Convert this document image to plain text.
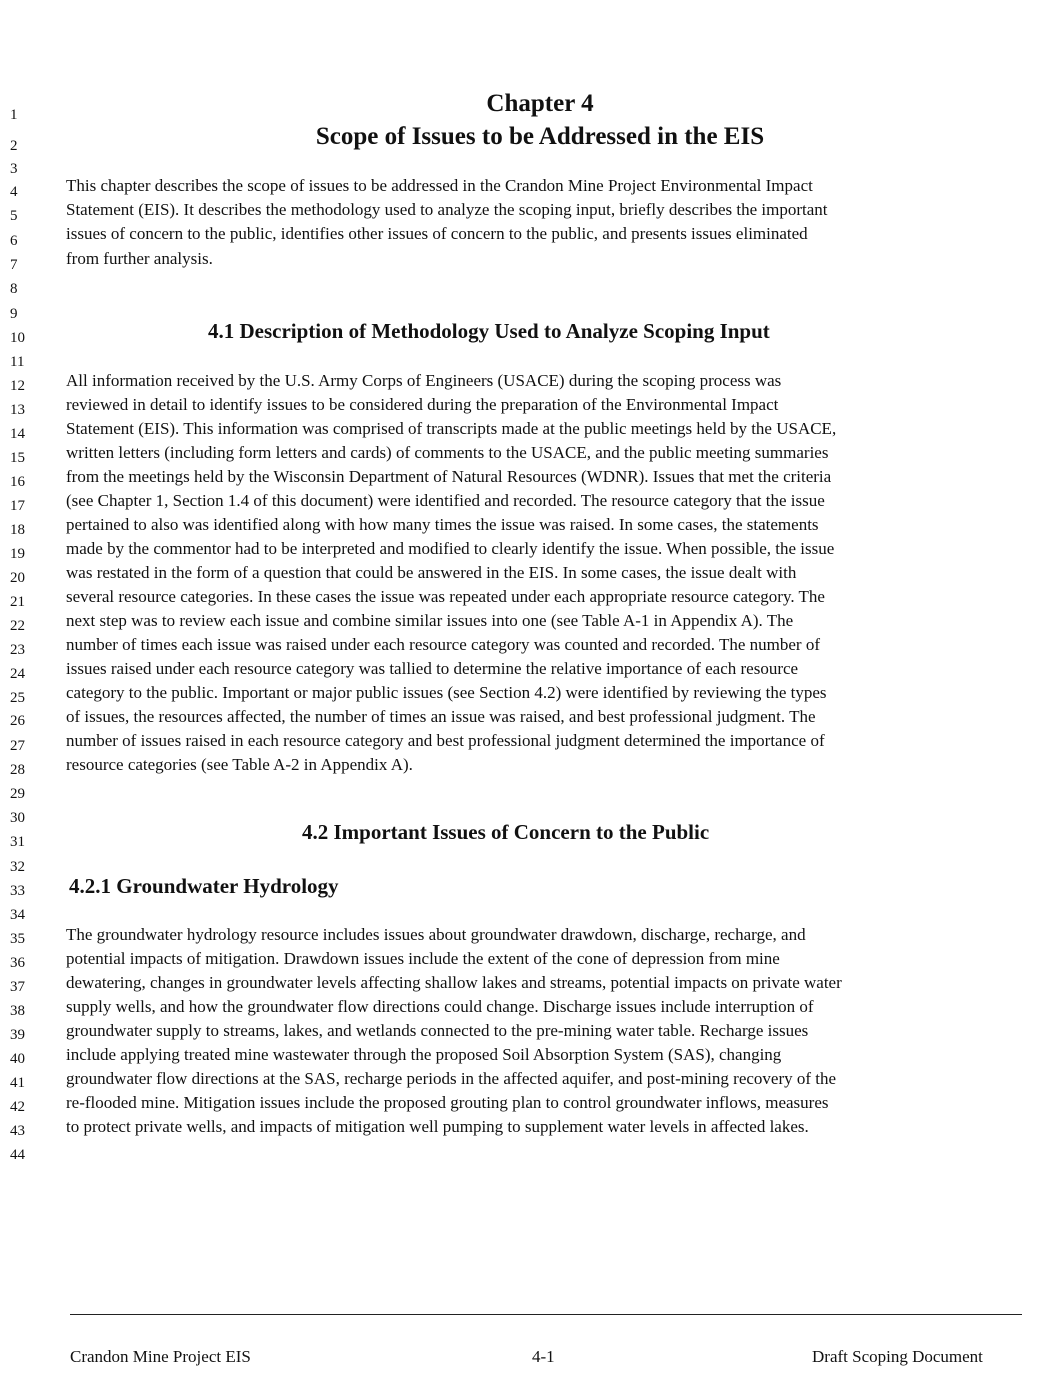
1
2
3
4
5
6
7
8
9
10
11
12
13
14
15
16
17
18
19
20
21
22
23
24
25
26
27
28
29
30
31
32
33
34
35
36
37
38
39
40
41
42
43
44
Chapter 4
Scope of Issues to be Addressed in the EIS
This chapter describes the scope of issues to be addressed in the Crandon Mine Project Environmental Impact
Statement (EIS). It describes the methodology used to analyze the scoping input, briefly describes the important
issues of concern to the public, identifies other issues of concern to the public, and presents issues eliminated
from further analysis.
4.1 Description of Methodology Used to Analyze Scoping Input
All information received by the U.S. Army Corps of Engineers (USACE) during the scoping process was
reviewed in detail to identify issues to be considered during the preparation of the Environmental Impact
Statement (EIS). This information was comprised of transcripts made at the public meetings held by the USACE,
written letters (including form letters and cards) of comments to the USACE, and the public meeting summaries
from the meetings held by the Wisconsin Department of Natural Resources (WDNR). Issues that met the criteria
(see Chapter 1, Section 1.4 of this document) were identified and recorded. The resource category that the issue
pertained to also was identified along with how many times the issue was raised. In some cases, the statements
made by the commentor had to be interpreted and modified to clearly identify the issue. When possible, the issue
was restated in the form of a question that could be answered in the EIS. In some cases, the issue dealt with
several resource categories. In these cases the issue was repeated under each appropriate resource category. The
next step was to review each issue and combine similar issues into one (see Table A-1 in Appendix A). The
number of times each issue was raised under each resource category was counted and recorded. The number of
issues raised under each resource category was tallied to determine the relative importance of each resource
category to the public. Important or major public issues (see Section 4.2) were identified by reviewing the types
of issues, the resources affected, the number of times an issue was raised, and best professional judgment. The
number of issues raised in each resource category and best professional judgment determined the importance of
resource categories (see Table A-2 in Appendix A).
4.2 Important Issues of Concern to the Public
4.2.1 Groundwater Hydrology
The groundwater hydrology resource includes issues about groundwater drawdown, discharge, recharge, and
potential impacts of mitigation. Drawdown issues include the extent of the cone of depression from mine
dewatering, changes in groundwater levels affecting shallow lakes and streams, potential impacts on private water
supply wells, and how the groundwater flow directions could change. Discharge issues include interruption of
groundwater supply to streams, lakes, and wetlands connected to the pre-mining water table. Recharge issues
include applying treated mine wastewater through the proposed Soil Absorption System (SAS), changing
groundwater flow directions at the SAS, recharge periods in the affected aquifer, and post-mining recovery of the
re-flooded mine. Mitigation issues include the proposed grouting plan to control groundwater inflows, measures
to protect private wells, and impacts of mitigation well pumping to supplement water levels in affected lakes.
Crandon Mine Project EIS	4-1	Draft Scoping Document
